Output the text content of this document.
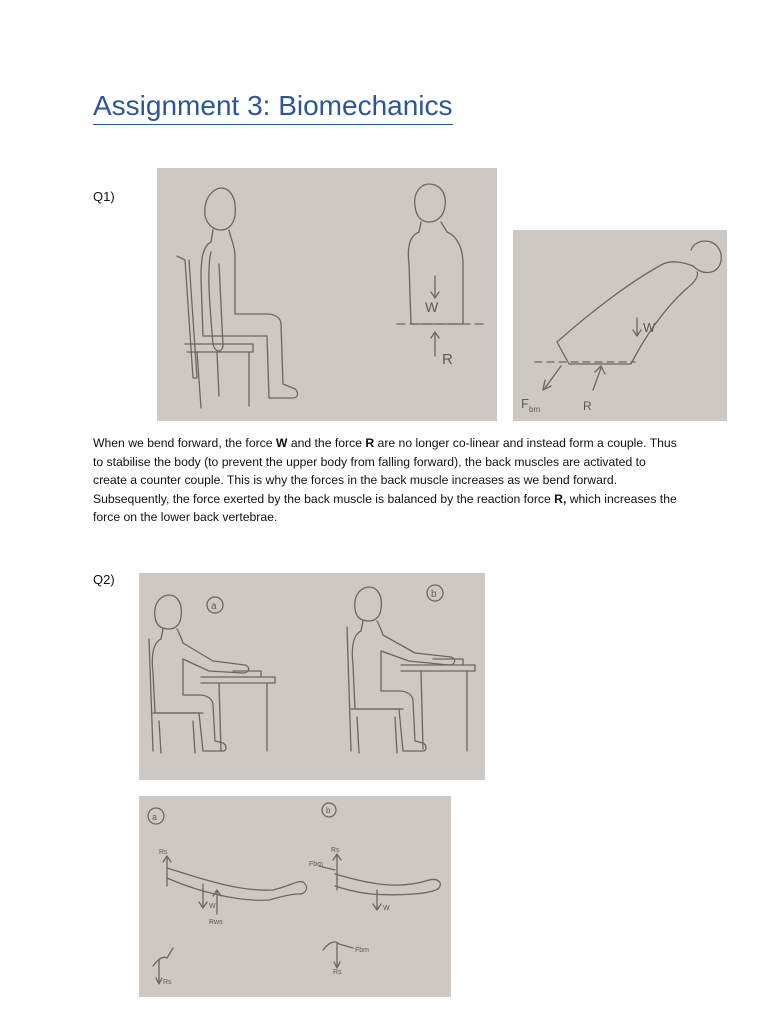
Assignment 3: Biomechanics
Q1)
W
R
W
F bm	R

When we bend forward, the force W and the force R are no longer co-linear and instead form a couple. Thus to stabilise the body (to prevent the upper body from falling forward), the back muscles are activated to create a counter couple. This is why the forces in the back muscle increases as we bend forward. Subsequently, the force exerted by the back muscle is balanced by the reaction force R, which increases the force on the lower back vertebrae.

Q2)
a
b
a
Rs
W
Rws
Rs
b
Rs
Fbm
W
Rs
Fbm
